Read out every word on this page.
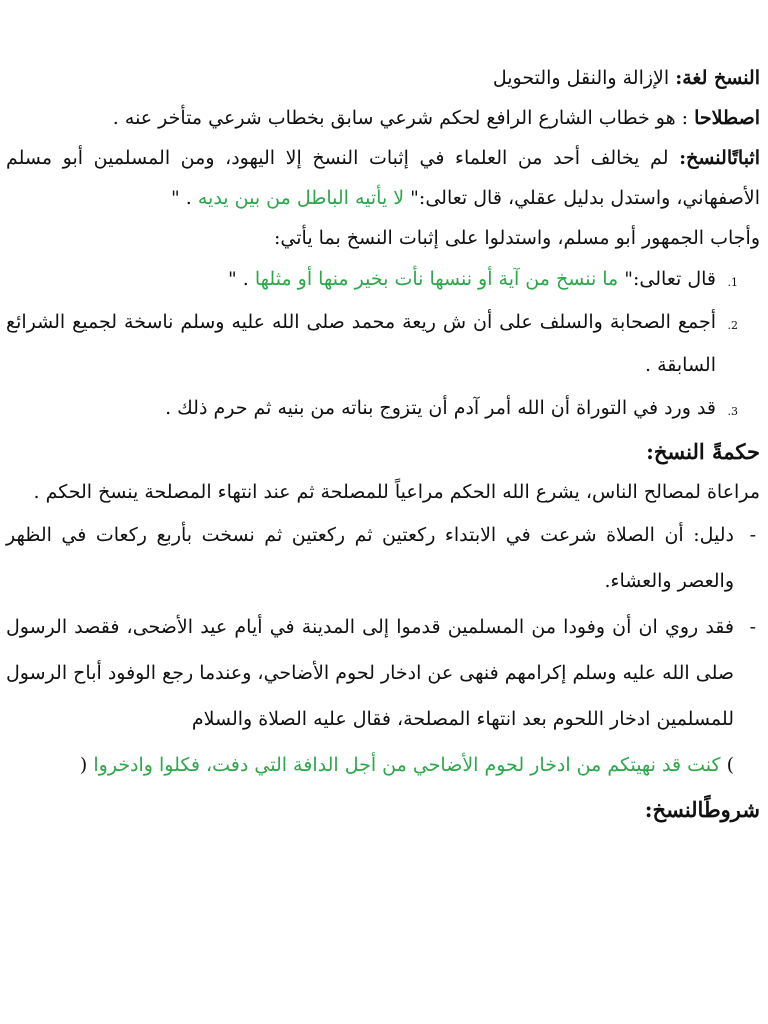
النسخ لغة: الإزالة والنقل والتحويل

اصطلاحا : هو خطاب الشارع الرافع لحكم شرعي سابق بخطاب شرعي متأخر عنه .

اثباتًالنسخ: لم يخالف أحد من العلماء في إثبات النسخ إلا اليهود، ومن المسلمين أبو مسلم الأصفهاني، واستدل بدليل عقلي، قال تعالى:" لا يأتيه الباطل من بين يديه . "

وأجاب الجمهور أبو مسلم، واستدلوا على إثبات النسخ بما يأتي:

1.
قال تعالى:" ما ننسخ من آية أو ننسها نأت بخير منها أو مثلها . "
2.
أجمع الصحابة والسلف على أن ش ريعة محمد صلى الله عليه وسلم ناسخة لجميع الشرائع السابقة .
3.
قد ورد في التوراة أن الله أمر آدم أن يتزوج بناته من بنيه ثم حرم ذلك .
حكمةً النسخ:

مراعاة لمصالح الناس، يشرع الله الحكم مراعياً للمصلحة ثم عند انتهاء المصلحة ينسخ الحكم .

-
دليل: أن الصلاة شرعت في الابتداء ركعتين ثم ركعتين ثم نسخت بأربع ركعات في الظهر والعصر والعشاء.
-
فقد روي ان أن وفودا من المسلمين قدموا إلى المدينة في أيام عيد الأضحى، فقصد الرسول صلى الله عليه وسلم إكرامهم فنهى عن ادخار لحوم الأضاحي، وعندما رجع الوفود أباح الرسول للمسلمين ادخار اللحوم بعد انتهاء المصلحة، فقال عليه الصلاة والسلام
) كنت قد نهيتكم من ادخار لحوم الأضاحي من أجل الدافة التي دفت، فكلوا وادخروا (
شروطًالنسخ:
